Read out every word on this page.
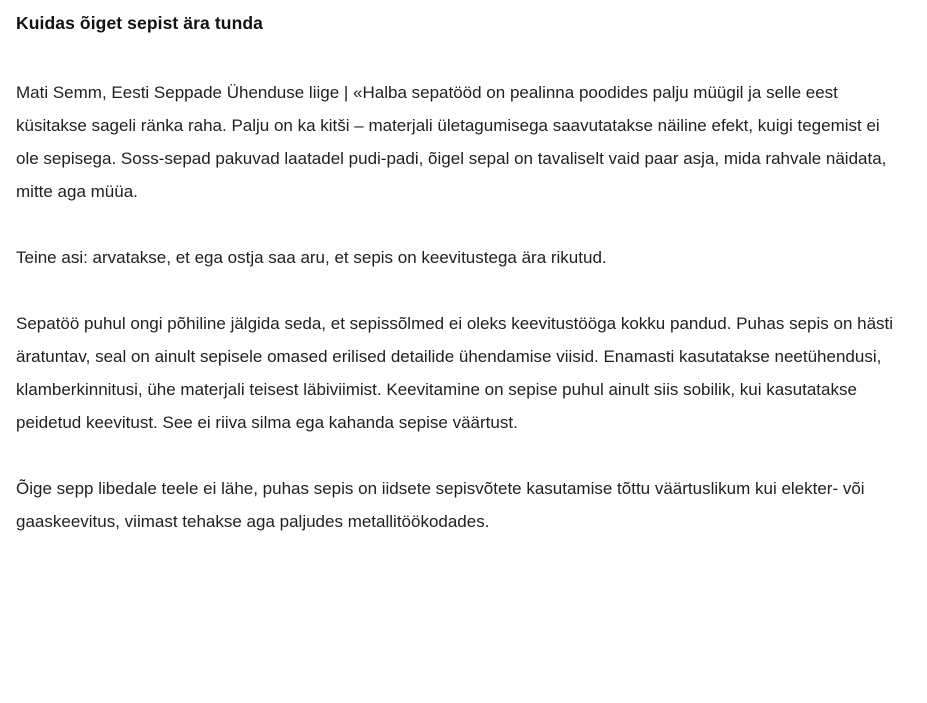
Kuidas õiget sepist ära tunda

Mati Semm, Eesti Seppade Ühenduse liige | «Halba sepatööd on pealinna poodides palju müügil ja selle eest küsitakse sageli ränka raha. Palju on ka kitši – materjali ületagumisega saavutatakse näiline efekt, kuigi tegemist ei ole sepisega. Soss-sepad pakuvad laatadel pudi-padi, õigel sepal on tavaliselt vaid paar asja, mida rahvale näidata, mitte aga müüa.

Teine asi: arvatakse, et ega ostja saa aru, et sepis on keevitustega ära rikutud.

Sepatöö puhul ongi põhiline jälgida seda, et sepissõlmed ei oleks keevitustööga kokku pandud. Puhas sepis on hästi äratuntav, seal on ainult sepisele omased erilised detailide ühendamise viisid. Enamasti kasutatakse neetühendusi, klamberkinnitusi, ühe materjali teisest läbiviimist. Keevitamine on sepise puhul ainult siis sobilik, kui kasutatakse peidetud keevitust. See ei riiva silma ega kahanda sepise väärtust.

Õige sepp libedale teele ei lähe, puhas sepis on iidsete sepisvõtete kasutamise tõttu väärtuslikum kui elekter- või gaaskeevitus, viimast tehakse aga paljudes metallitöökodades.
